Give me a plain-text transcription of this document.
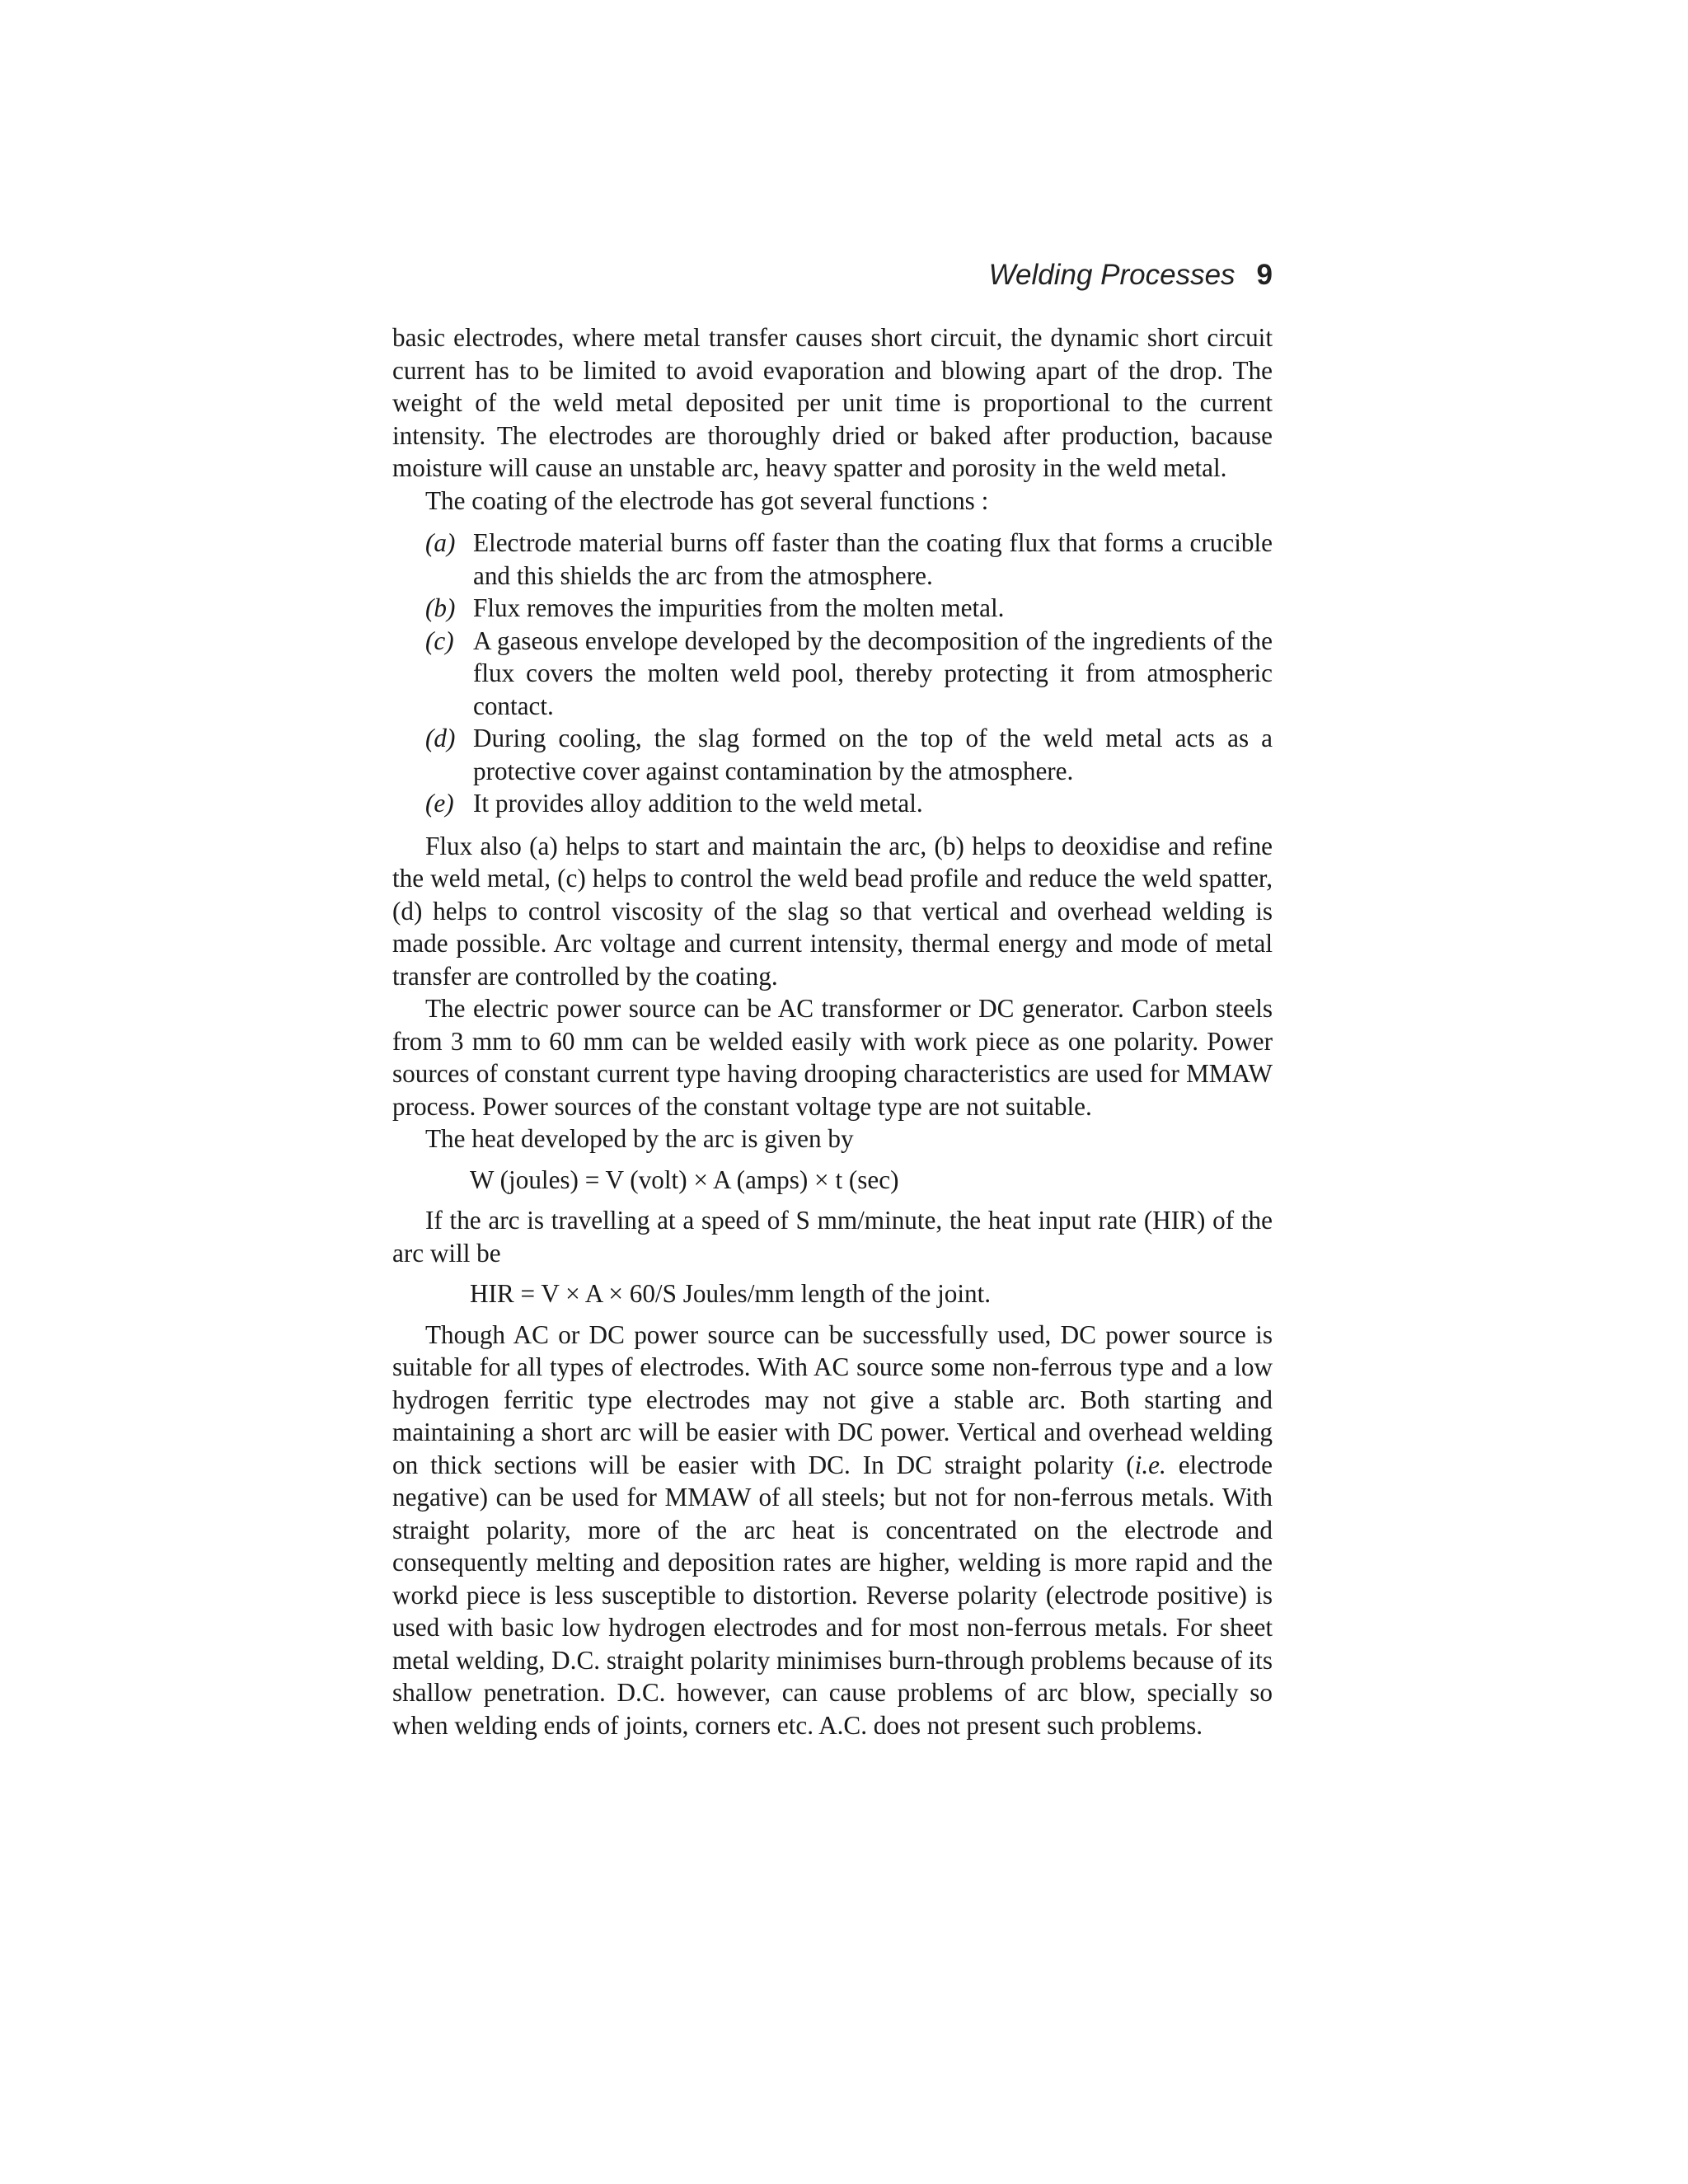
Welding Processes 9

basic electrodes, where metal transfer causes short circuit, the dynamic short circuit current has to be limited to avoid evaporation and blowing apart of the drop. The weight of the weld metal deposited per unit time is proportional to the current intensity. The electrodes are thoroughly dried or baked after production, bacause moisture will cause an unstable arc, heavy spatter and porosity in the weld metal.

The coating of the electrode has got several functions :

(a) Electrode material burns off faster than the coating flux that forms a crucible and this shields the arc from the atmosphere.
(b) Flux removes the impurities from the molten metal.
(c) A gaseous envelope developed by the decomposition of the ingredients of the flux covers the molten weld pool, thereby protecting it from atmospheric contact.
(d) During cooling, the slag formed on the top of the weld metal acts as a protective cover against contamination by the atmosphere.
(e) It provides alloy addition to the weld metal.

Flux also (a) helps to start and maintain the arc, (b) helps to deoxidise and refine the weld metal, (c) helps to control the weld bead profile and reduce the weld spatter, (d) helps to control viscosity of the slag so that vertical and overhead welding is made possible. Arc voltage and current intensity, thermal energy and mode of metal transfer are controlled by the coating.

The electric power source can be AC transformer or DC generator. Carbon steels from 3 mm to 60 mm can be welded easily with work piece as one polarity. Power sources of constant current type having drooping characteristics are used for MMAW process. Power sources of the constant voltage type are not suitable.

The heat developed by the arc is given by

W (joules) = V (volt) × A (amps) × t (sec)

If the arc is travelling at a speed of S mm/minute, the heat input rate (HIR) of the arc will be

HIR = V × A × 60/S Joules/mm length of the joint.

Though AC or DC power source can be successfully used, DC power source is suitable for all types of electrodes. With AC source some non-ferrous type and a low hydrogen ferritic type electrodes may not give a stable arc. Both starting and maintaining a short arc will be easier with DC power. Vertical and overhead welding on thick sections will be easier with DC. In DC straight polarity (i.e. electrode negative) can be used for MMAW of all steels; but not for non-ferrous metals. With straight polarity, more of the arc heat is concentrated on the electrode and consequently melting and deposition rates are higher, welding is more rapid and the workd piece is less susceptible to distortion. Reverse polarity (electrode positive) is used with basic low hydrogen electrodes and for most non-ferrous metals. For sheet metal welding, D.C. straight polarity minimises burn-through problems because of its shallow penetration. D.C. however, can cause problems of arc blow, specially so when welding ends of joints, corners etc. A.C. does not present such problems.
